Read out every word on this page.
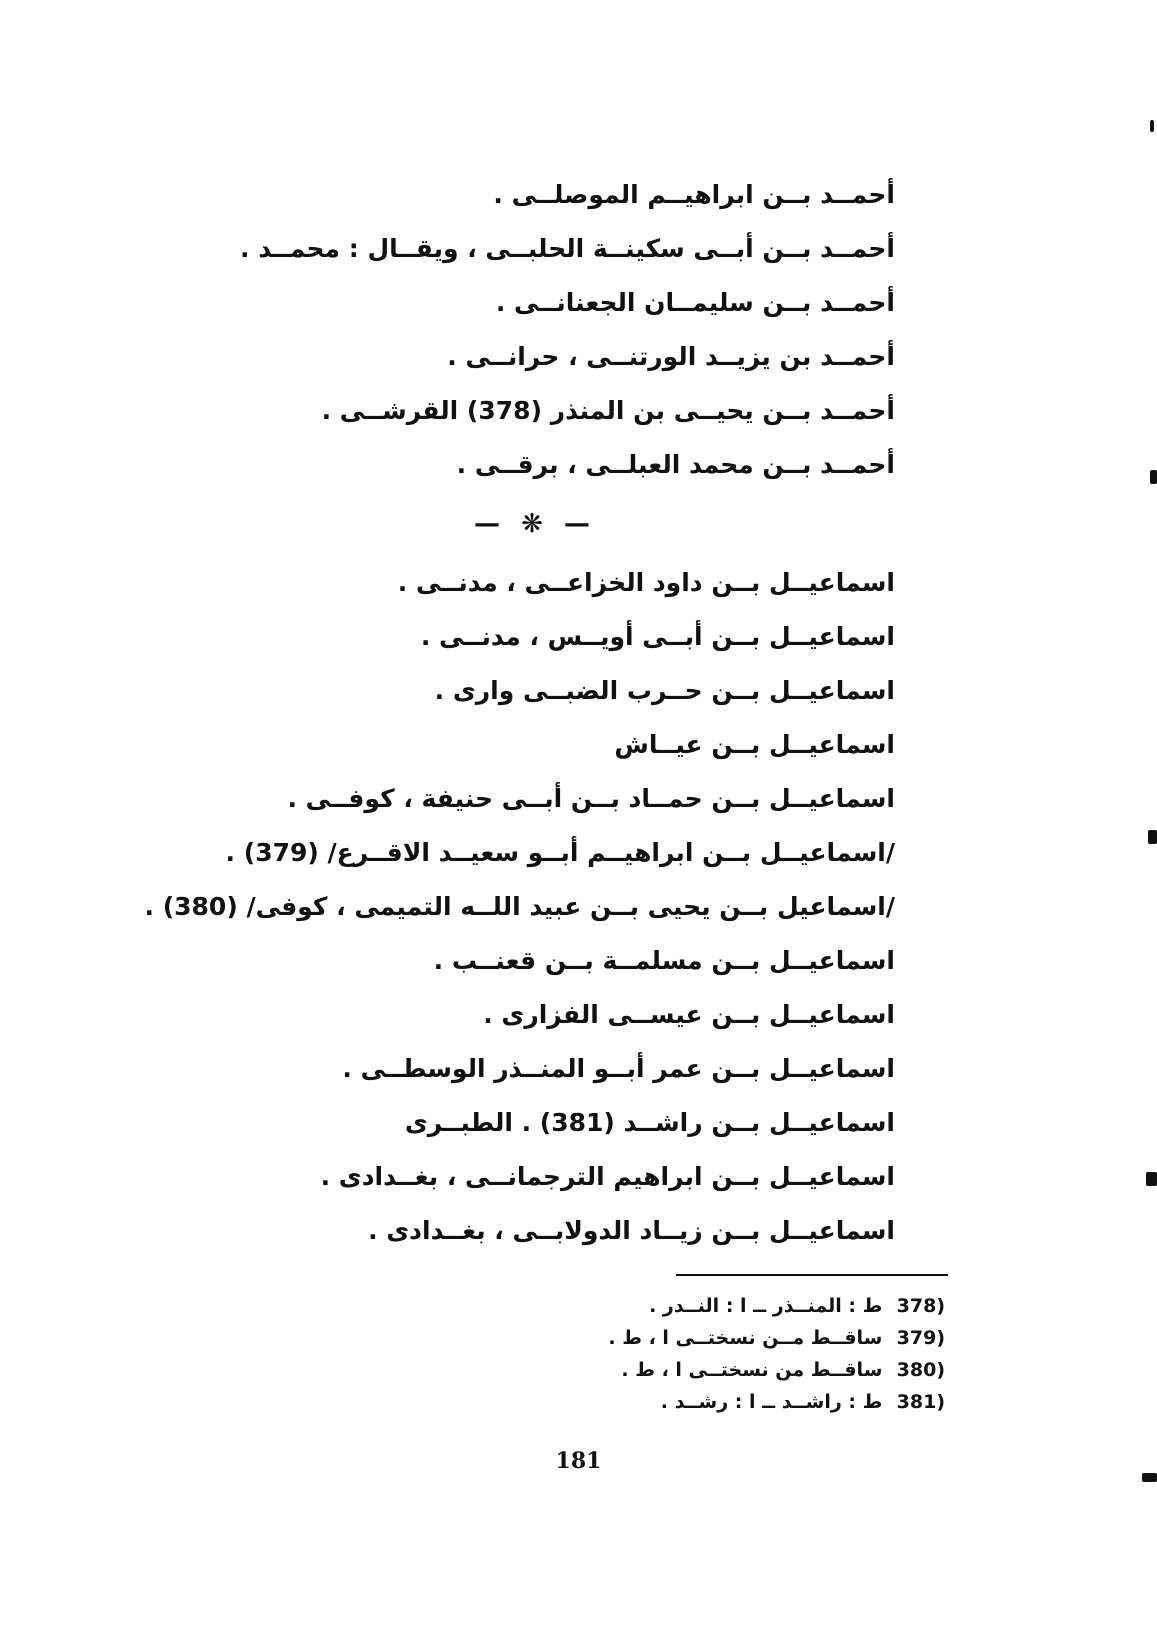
أحمــد بــن ابراهيــم الموصلــى .
أحمــد بــن أبــى سكينــة الحلبــى ، ويقــال : محمــد .
أحمــد بــن سليمــان الجعنانــى .
أحمــد بن يزيــد الورتنــى ، حرانــى .
أحمــد بــن يحيــى بن المنذر (378) القرشــى .
أحمــد بــن محمد العبلــى ، برقــى .
— ❋ —
اسماعيــل بــن داود الخزاعــى ، مدنــى .
اسماعيــل بــن أبــى أويــس ، مدنــى .
اسماعيــل بــن حــرب الضبــى وارى .
اسماعيــل بــن عيــاش
اسماعيــل بــن حمــاد بــن أبــى حنيفة ، كوفــى .
/اسماعيــل بــن ابراهيــم أبــو سعيــد الاقــرع/ (379) .
/اسماعيل بــن يحيى بــن عبيد اللــه التميمى ، كوفى/ (380) .
اسماعيــل بــن مسلمــة بــن قعنــب .
اسماعيــل بــن عيســى الفزارى .
اسماعيــل بــن عمر أبــو المنــذر الوسطــى .
اسماعيــل بــن راشــد (381) . الطبــرى
اسماعيــل بــن ابراهيم الترجمانــى ، بغــدادى .
اسماعيــل بــن زيــاد الدولابــى ، بغــدادى .
(378 ط : المنــذر ــ ا : النــدر .
(379 ساقــط مــن نسختــى ا ، ط .
(380 ساقــط من نسختــى ا ، ط .
(381 ط : راشــد ــ ا : رشــد .
181
